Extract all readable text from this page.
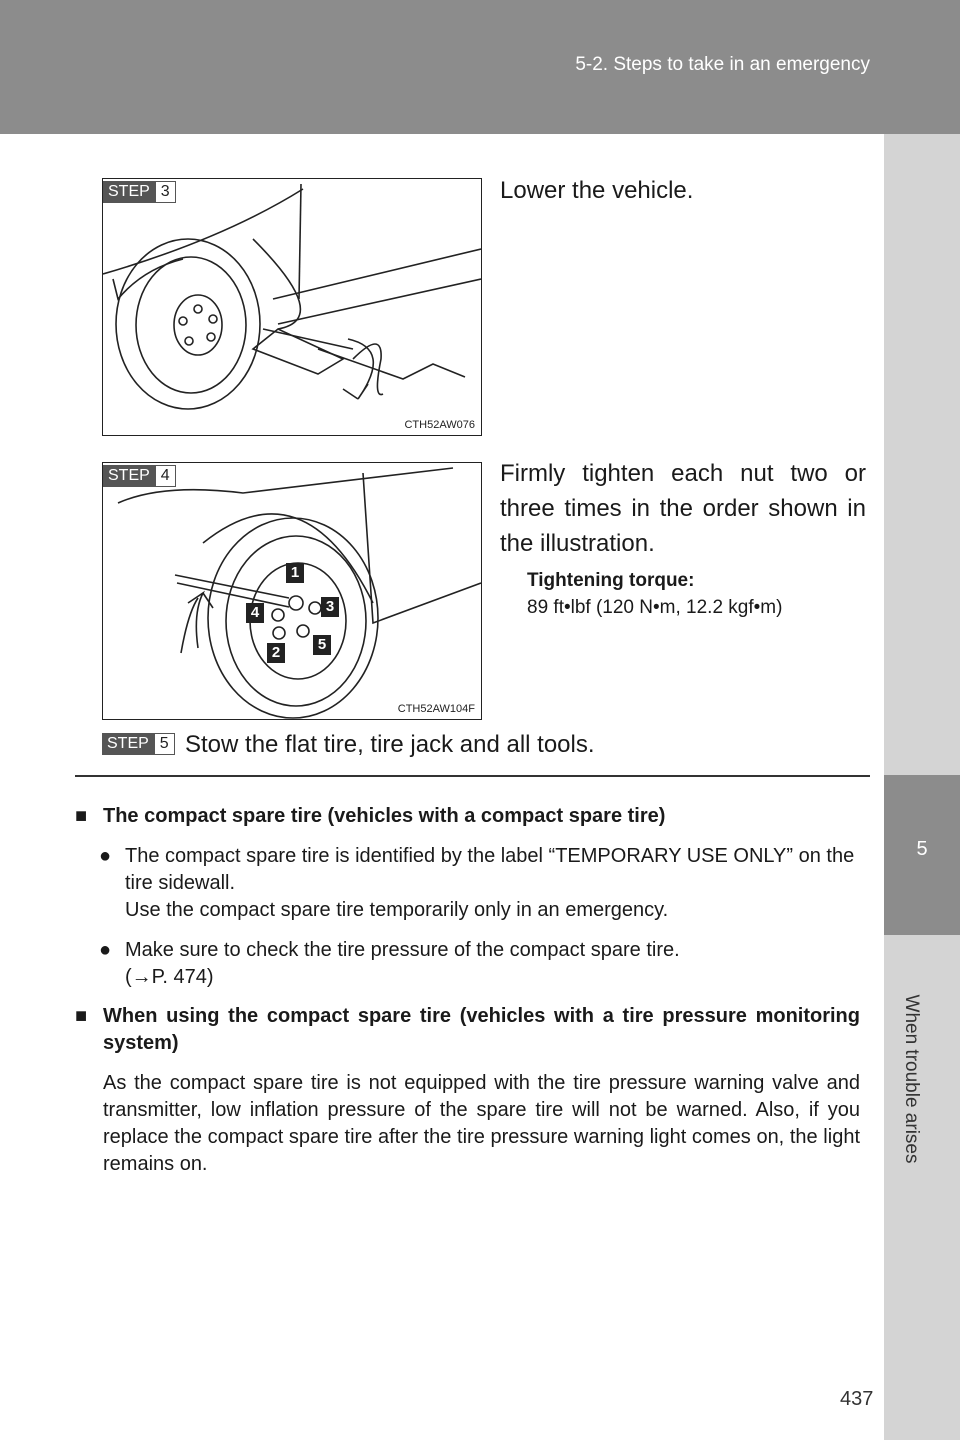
5-2. Steps to take in an emergency
5
When trouble arises
STEP 3
CTH52AW076
Lower the vehicle.
STEP 4
1
3
4
5
2
CTH52AW104F
Firmly tighten each nut two or three times in the order shown in the illustration.
Tightening torque:
89 ft•lbf (120 N•m, 12.2 kgf•m)
STEP 5 Stow the flat tire, tire jack and all tools.
■ The compact spare tire (vehicles with a compact spare tire)
● The compact spare tire is identified by the label “TEMPORARY USE ONLY” on the tire sidewall.
Use the compact spare tire temporarily only in an emergency.
● Make sure to check the tire pressure of the compact spare tire.
(→P. 474)
■ When using the compact spare tire (vehicles with a tire pressure monitoring system)
As the compact spare tire is not equipped with the tire pressure warning valve and transmitter, low inflation pressure of the spare tire will not be warned. Also, if you replace the compact spare tire after the tire pressure warning light comes on, the light remains on.
437
